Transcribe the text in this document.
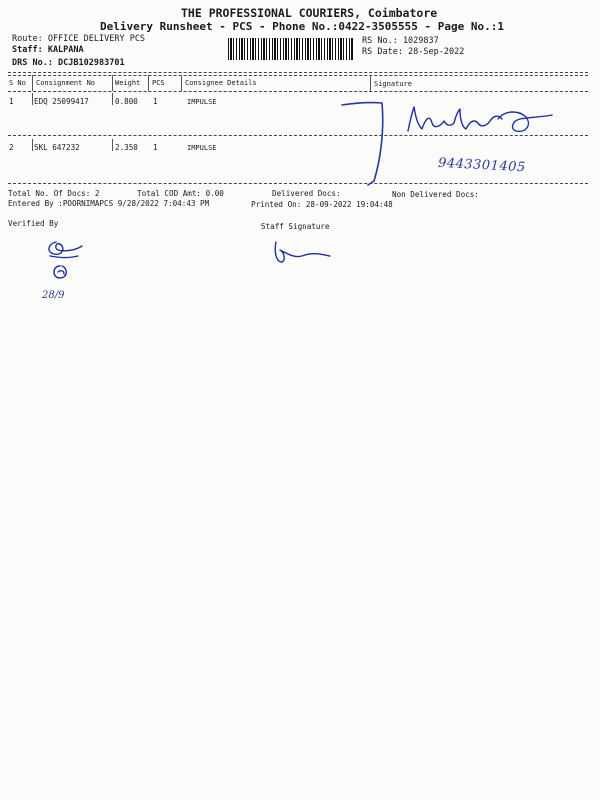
THE PROFESSIONAL COURIERS, Coimbatore
Delivery Runsheet - PCS - Phone No.:0422-3505555 - Page No.:1
Route: OFFICE DELIVERY PCS
Staff: KALPANA
DRS No.: DCJB102983701
RS No.: 1029837
RS Date: 28-Sep-2022
S No Consignment No	Weight PCS	Consignee Details	Signature
1	EDQ 25099417	0.800 1	IMPULSE
2	SKL 647232	2.350 1	IMPULSE
9443301405
Total No. Of Docs: 2	Total COD Amt: 0.00	Delivered Docs:	Non Delivered Docs:
Entered By :POORNIMAPCS 9/28/2022 7:04:43 PM	Printed On: 28-09-2022 19:04:48
Verified By	Staff Signature
28/9
